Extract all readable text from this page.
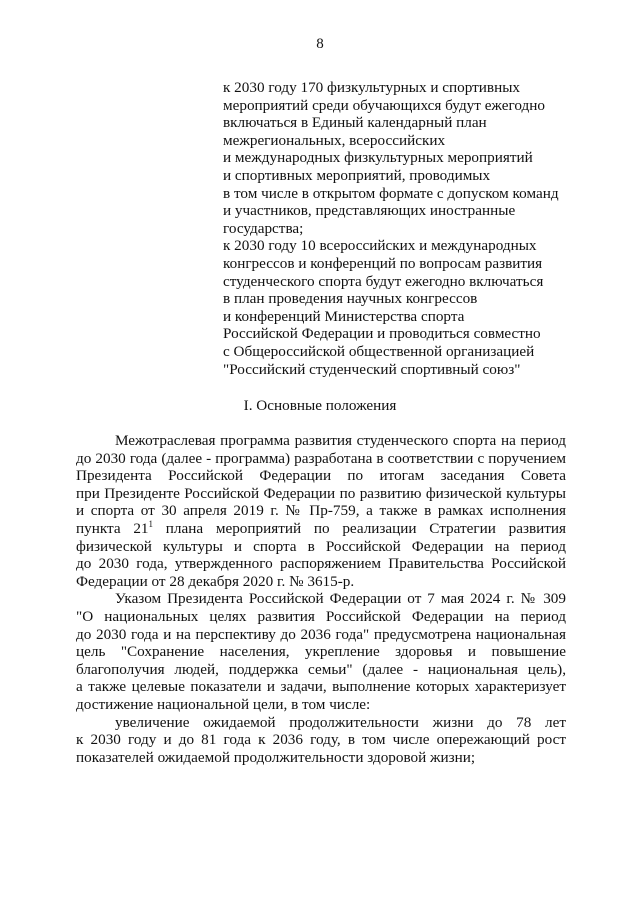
8
к 2030 году 170 физкультурных и спортивных
мероприятий среди обучающихся будут ежегодно
включаться в Единый календарный план
межрегиональных, всероссийских
и международных физкультурных мероприятий
и спортивных мероприятий, проводимых
в том числе в открытом формате с допуском команд
и участников, представляющих иностранные
государства;
к 2030 году 10 всероссийских и международных
конгрессов и конференций по вопросам развития
студенческого спорта будут ежегодно включаться
в план проведения научных конгрессов
и конференций Министерства спорта
Российской Федерации и проводиться совместно
с Общероссийской общественной организацией
"Российский студенческий спортивный союз"
I. Основные положения
Межотраслевая программа развития студенческого спорта на период
до 2030 года (далее - программа) разработана в соответствии с поручением
Президента Российской Федерации по итогам заседания Совета
при Президенте Российской Федерации по развитию физической культуры
и спорта от 30 апреля 2019 г. № Пр-759, а также в рамках исполнения
пункта $21^1$ плана мероприятий по реализации Стратегии развития
физической культуры и спорта в Российской Федерации на период
до 2030 года, утвержденного распоряжением Правительства Российской
Федерации от 28 декабря 2020 г. № 3615-р.
Указом Президента Российской Федерации от 7 мая 2024 г. № 309
"О национальных целях развития Российской Федерации на период
до 2030 года и на перспективу до 2036 года" предусмотрена национальная
цель "Сохранение населения, укрепление здоровья и повышение
благополучия людей, поддержка семьи" (далее - национальная цель),
а также целевые показатели и задачи, выполнение которых характеризует
достижение национальной цели, в том числе:
увеличение ожидаемой продолжительности жизни до 78 лет
к 2030 году и до 81 года к 2036 году, в том числе опережающий рост
показателей ожидаемой продолжительности здоровой жизни;
